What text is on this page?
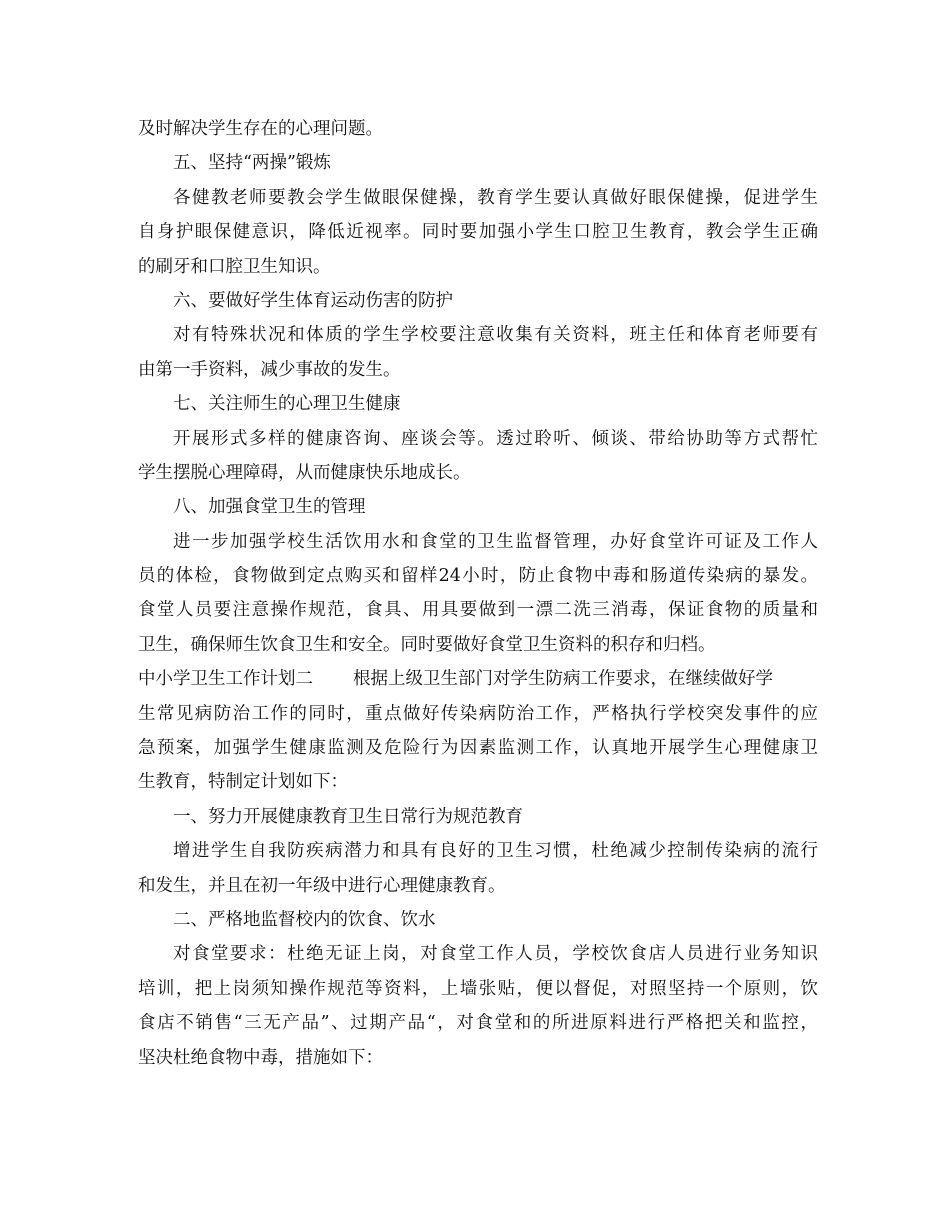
及时解决学生存在的心理问题。
五、坚持“两操”锻炼
各健教老师要教会学生做眼保健操，教育学生要认真做好眼保健操，促进学生
自身护眼保健意识，降低近视率。同时要加强小学生口腔卫生教育，教会学生正确
的刷牙和口腔卫生知识。
六、要做好学生体育运动伤害的防护
对有特殊状况和体质的学生学校要注意收集有关资料，班主任和体育老师要有
由第一手资料，减少事故的发生。
七、关注师生的心理卫生健康
开展形式多样的健康咨询、座谈会等。透过聆听、倾谈、带给协助等方式帮忙
学生摆脱心理障碍，从而健康快乐地成长。
八、加强食堂卫生的管理
进一步加强学校生活饮用水和食堂的卫生监督管理，办好食堂许可证及工作人
员的体检，食物做到定点购买和留样24小时，防止食物中毒和肠道传染病的暴发。
食堂人员要注意操作规范，食具、用具要做到一漂二洗三消毒，保证食物的质量和
卫生，确保师生饮食卫生和安全。同时要做好食堂卫生资料的积存和归档。
中小学卫生工作计划二 根据上级卫生部门对学生防病工作要求，在继续做好学
生常见病防治工作的同时，重点做好传染病防治工作，严格执行学校突发事件的应
急预案，加强学生健康监测及危险行为因素监测工作，认真地开展学生心理健康卫
生教育，特制定计划如下：
一、努力开展健康教育卫生日常行为规范教育
增进学生自我防疾病潜力和具有良好的卫生习惯，杜绝减少控制传染病的流行
和发生，并且在初一年级中进行心理健康教育。
二、严格地监督校内的饮食、饮水
对食堂要求：杜绝无证上岗，对食堂工作人员，学校饮食店人员进行业务知识
培训，把上岗须知操作规范等资料，上墙张贴，便以督促，对照坚持一个原则，饮
食店不销售“三无产品”、过期产品“，对食堂和的所进原料进行严格把关和监控，
坚决杜绝食物中毒，措施如下：
